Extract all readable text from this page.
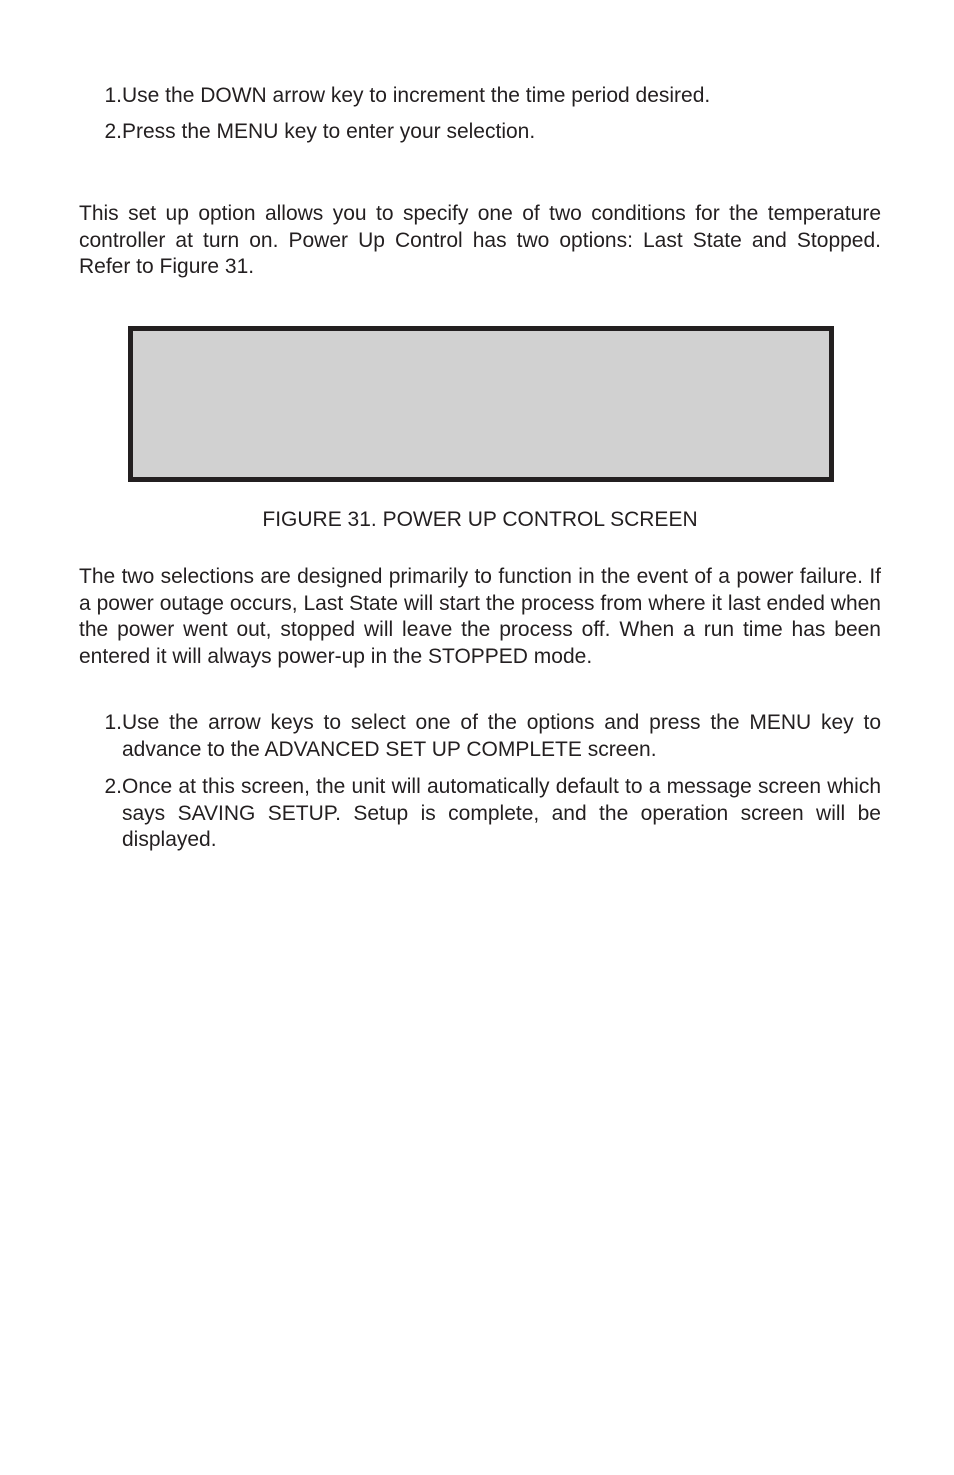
1. Use the DOWN arrow key to increment the time period desired.
2. Press the MENU key to enter your selection.

This set up option allows you to specify one of two conditions for the temperature controller at turn on. Power Up Control has two options: Last State and Stopped. Refer to Figure 31.

FIGURE 31. POWER UP CONTROL SCREEN

The two selections are designed primarily to function in the event of a power failure. If a power outage occurs, Last State will start the process from where it last ended when the power went out, stopped will leave the process off. When a run time has been entered it will always power-up in the STOPPED mode.

1. Use the arrow keys to select one of the options and press the MENU key to advance to the ADVANCED SET UP COMPLETE screen.
2. Once at this screen, the unit will automatically default to a message screen which says SAVING SETUP. Setup is complete, and the operation screen will be displayed.
